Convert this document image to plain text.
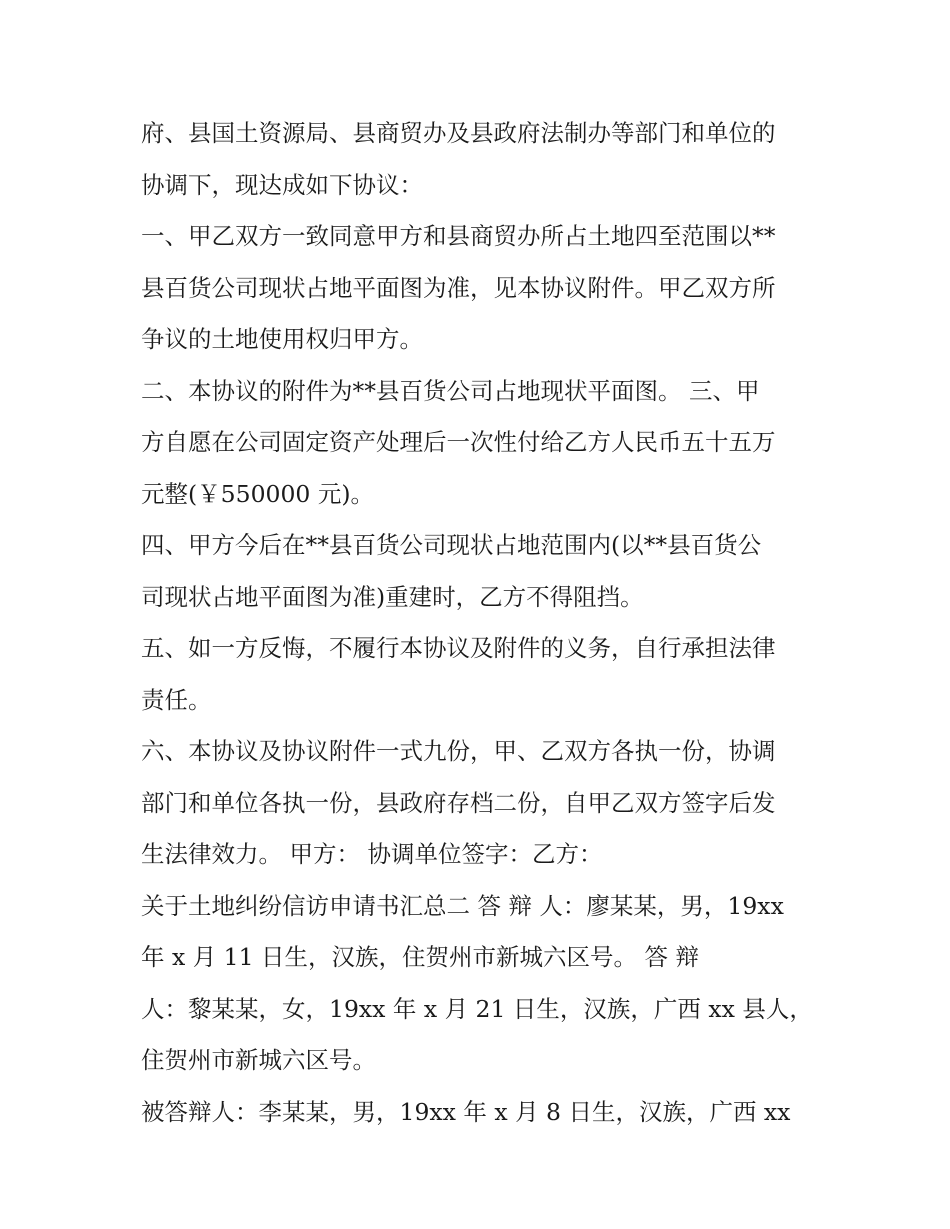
府、县国土资源局、县商贸办及县政府法制办等部门和单位的
协调下，现达成如下协议：
一、甲乙双方一致同意甲方和县商贸办所占土地四至范围以**
县百货公司现状占地平面图为准，见本协议附件。甲乙双方所
争议的土地使用权归甲方。
二、本协议的附件为**县百货公司占地现状平面图。 三、甲
方自愿在公司固定资产处理后一次性付给乙方人民币五十五万
元整(￥550000 元)。
四、甲方今后在**县百货公司现状占地范围内(以**县百货公
司现状占地平面图为准)重建时，乙方不得阻挡。
五、如一方反悔，不履行本协议及附件的义务，自行承担法律
责任。
六、本协议及协议附件一式九份，甲、乙双方各执一份，协调
部门和单位各执一份，县政府存档二份，自甲乙双方签字后发
生法律效力。 甲方： 协调单位签字：乙方：
关于土地纠纷信访申请书汇总二 答 辩 人：廖某某，男，19xx
年 x 月 11 日生，汉族，住贺州市新城六区号。 答 辩
人：黎某某，女，19xx 年 x 月 21 日生，汉族，广西 xx 县人，
住贺州市新城六区号。
被答辩人：李某某，男，19xx 年 x 月 8 日生，汉族，广西 xx
